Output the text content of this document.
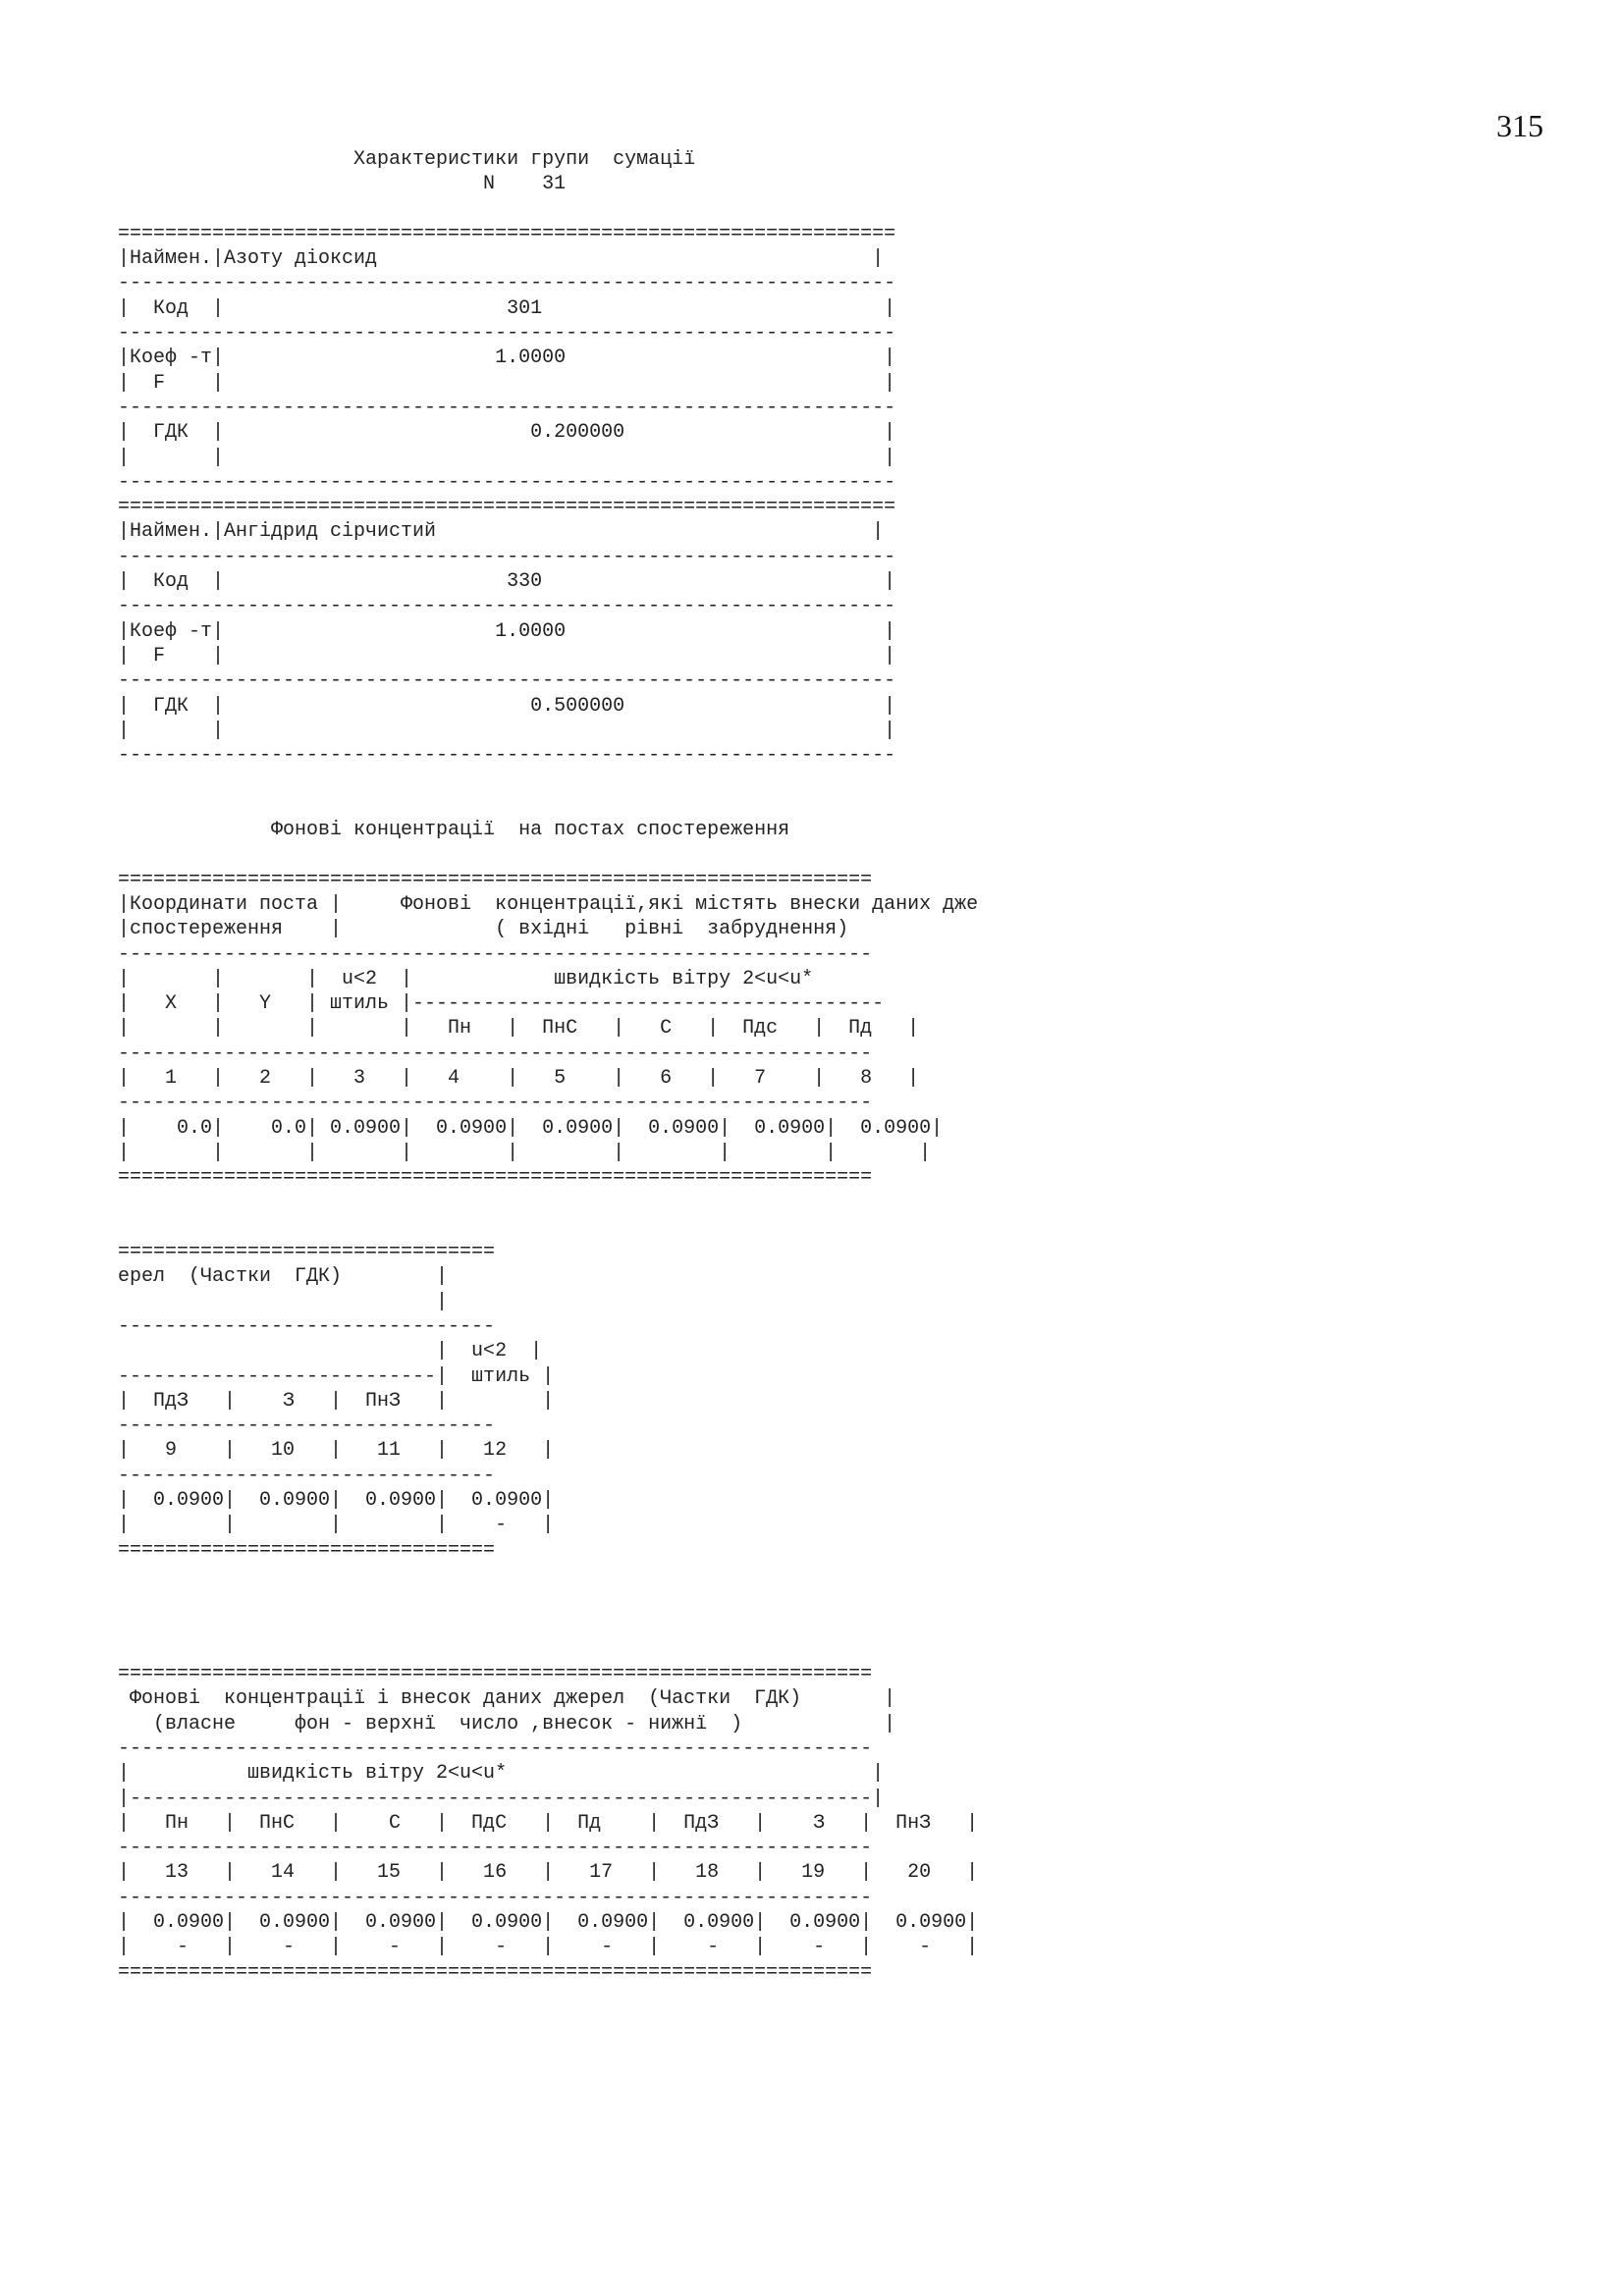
315
Характеристики групи  сумації
N    31
==================================================================
|Наймен.|Азоту діоксид                                          |
------------------------------------------------------------------
|  Код  |                        301                             |
------------------------------------------------------------------
|Коеф -т|                       1.0000                           |
|  F    |                                                        |
------------------------------------------------------------------
|  ГДК  |                          0.200000                      |
|       |                                                        |
------------------------------------------------------------------
==================================================================
|Наймен.|Ангідрид сірчистий                                     |
------------------------------------------------------------------
|  Код  |                        330                             |
------------------------------------------------------------------
|Коеф -т|                       1.0000                           |
|  F    |                                                        |
------------------------------------------------------------------
|  ГДК  |                          0.500000                      |
|       |                                                        |
------------------------------------------------------------------
Фонові концентрації  на постах спостереження
================================================================
|Координати поста |     Фонові  концентрації,які містять внески даних дже
|спостереження    |             ( вхідні   рівні  забруднення)
----------------------------------------------------------------
|       |       |  u<2  |            швидкість вітру 2<u<u*
|   X   |   Y   | штиль |----------------------------------------
|       |       |       |   Пн   |  ПнС   |   С   |  Пдс   |  Пд   |
----------------------------------------------------------------
|   1   |   2   |   3   |   4    |   5    |   6   |   7    |   8   |
----------------------------------------------------------------
|    0.0|    0.0| 0.0900|  0.0900|  0.0900|  0.0900|  0.0900|  0.0900|
|       |       |       |        |        |        |        |       |
================================================================
================================
ерел  (Частки  ГДК)        |
|
--------------------------------
|  u<2  |
---------------------------|  штиль |
|  ПдЗ   |    З   |  ПнЗ   |        |
--------------------------------
|   9    |   10   |   11   |   12   |
--------------------------------
|  0.0900|  0.0900|  0.0900|  0.0900|
|        |        |        |    -   |
================================
================================================================
Фонові  концентрації і внесок даних джерел  (Частки  ГДК)       |
(власне     фон - верхнї  число ,внесок - нижнї  )            |
----------------------------------------------------------------
|          швидкість вітру 2<u<u*                               |
|---------------------------------------------------------------|
|   Пн   |  ПнС   |    С   |  ПдС   |  Пд    |  ПдЗ   |    З   |  ПнЗ   |
----------------------------------------------------------------
|   13   |   14   |   15   |   16   |   17   |   18   |   19   |   20   |
----------------------------------------------------------------
|  0.0900|  0.0900|  0.0900|  0.0900|  0.0900|  0.0900|  0.0900|  0.0900|
|    -   |    -   |    -   |    -   |    -   |    -   |    -   |    -   |
================================================================
